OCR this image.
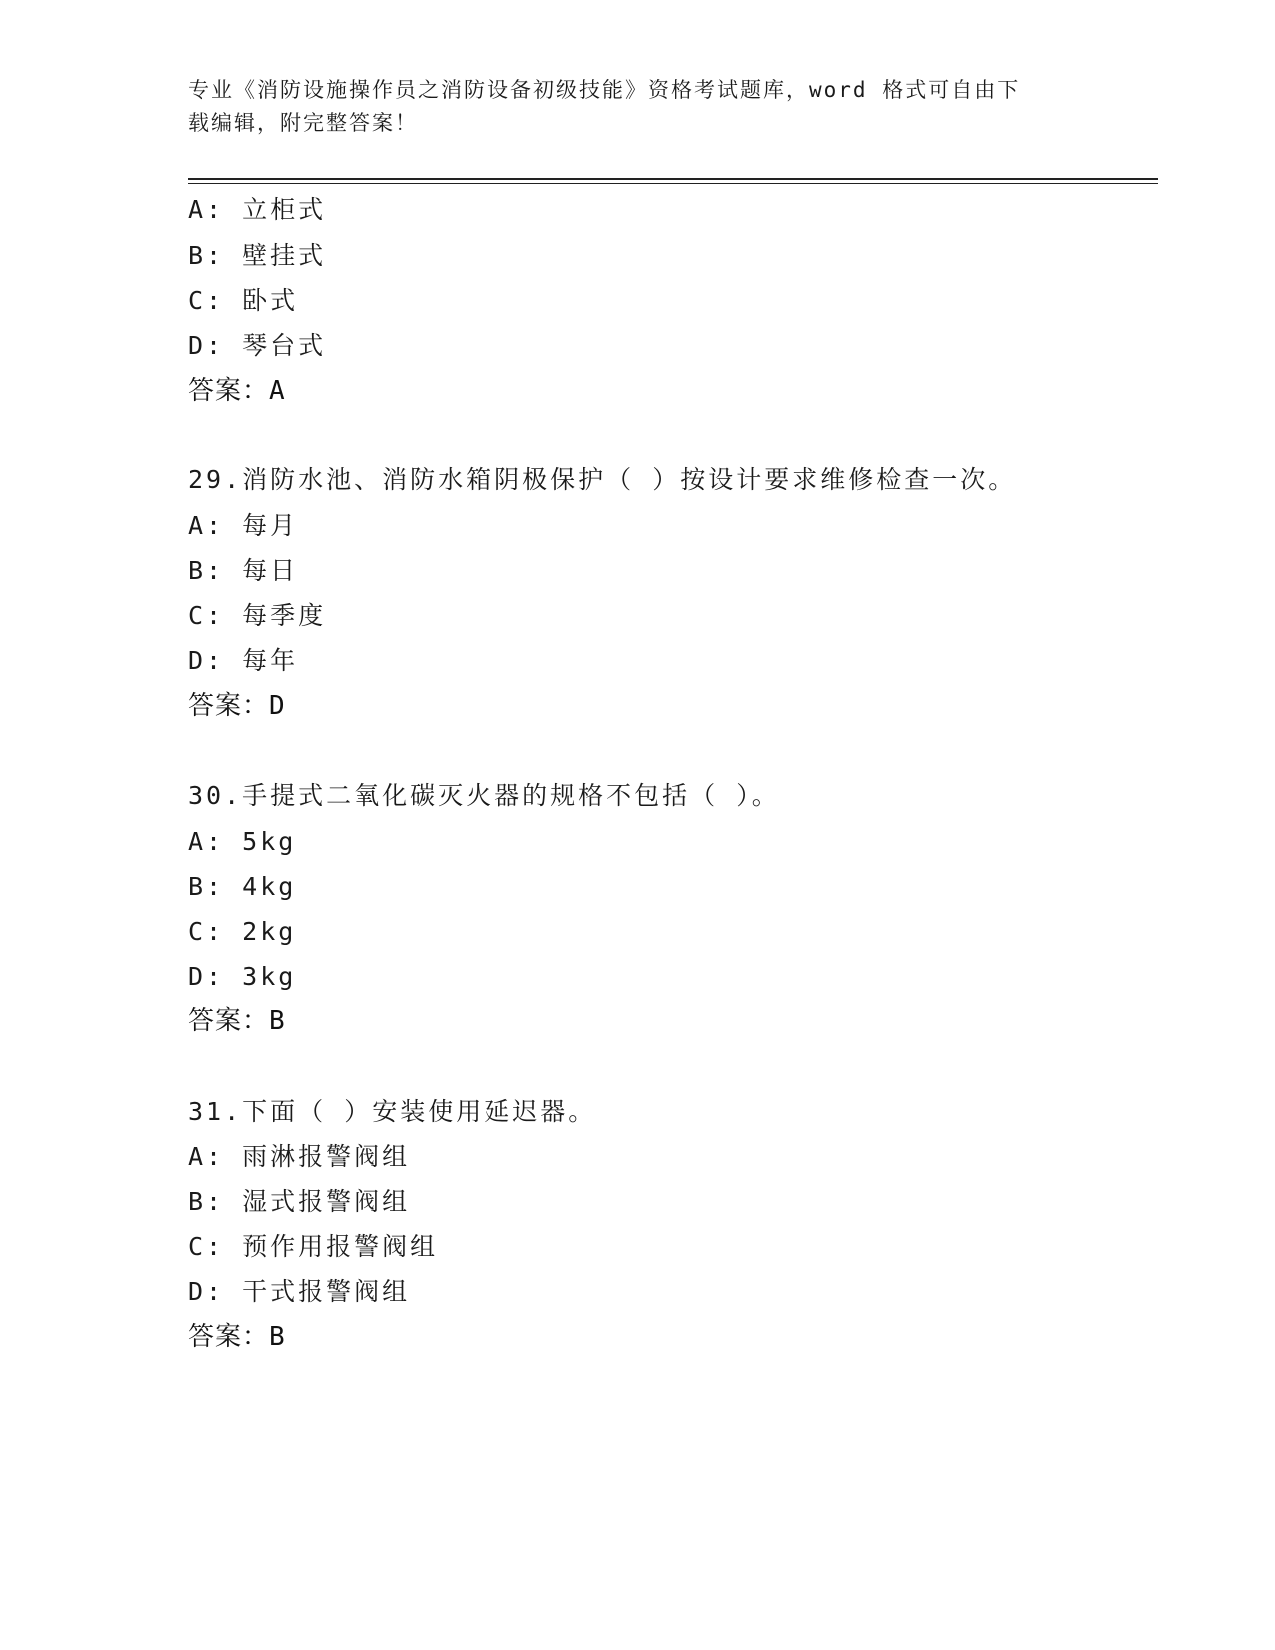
专业《消防设施操作员之消防设备初级技能》资格考试题库，word 格式可自由下
载编辑，附完整答案！
A: 立柜式
B: 壁挂式
C: 卧式
D: 琴台式
答案：A
29.消防水池、消防水箱阴极保护（ ）按设计要求维修检查一次。
A: 每月
B: 每日
C: 每季度
D: 每年
答案：D
30.手提式二氧化碳灭火器的规格不包括（ ）。
A: 5kg
B: 4kg
C: 2kg
D: 3kg
答案：B
31.下面（ ）安装使用延迟器。
A: 雨淋报警阀组
B: 湿式报警阀组
C: 预作用报警阀组
D: 干式报警阀组
答案：B
